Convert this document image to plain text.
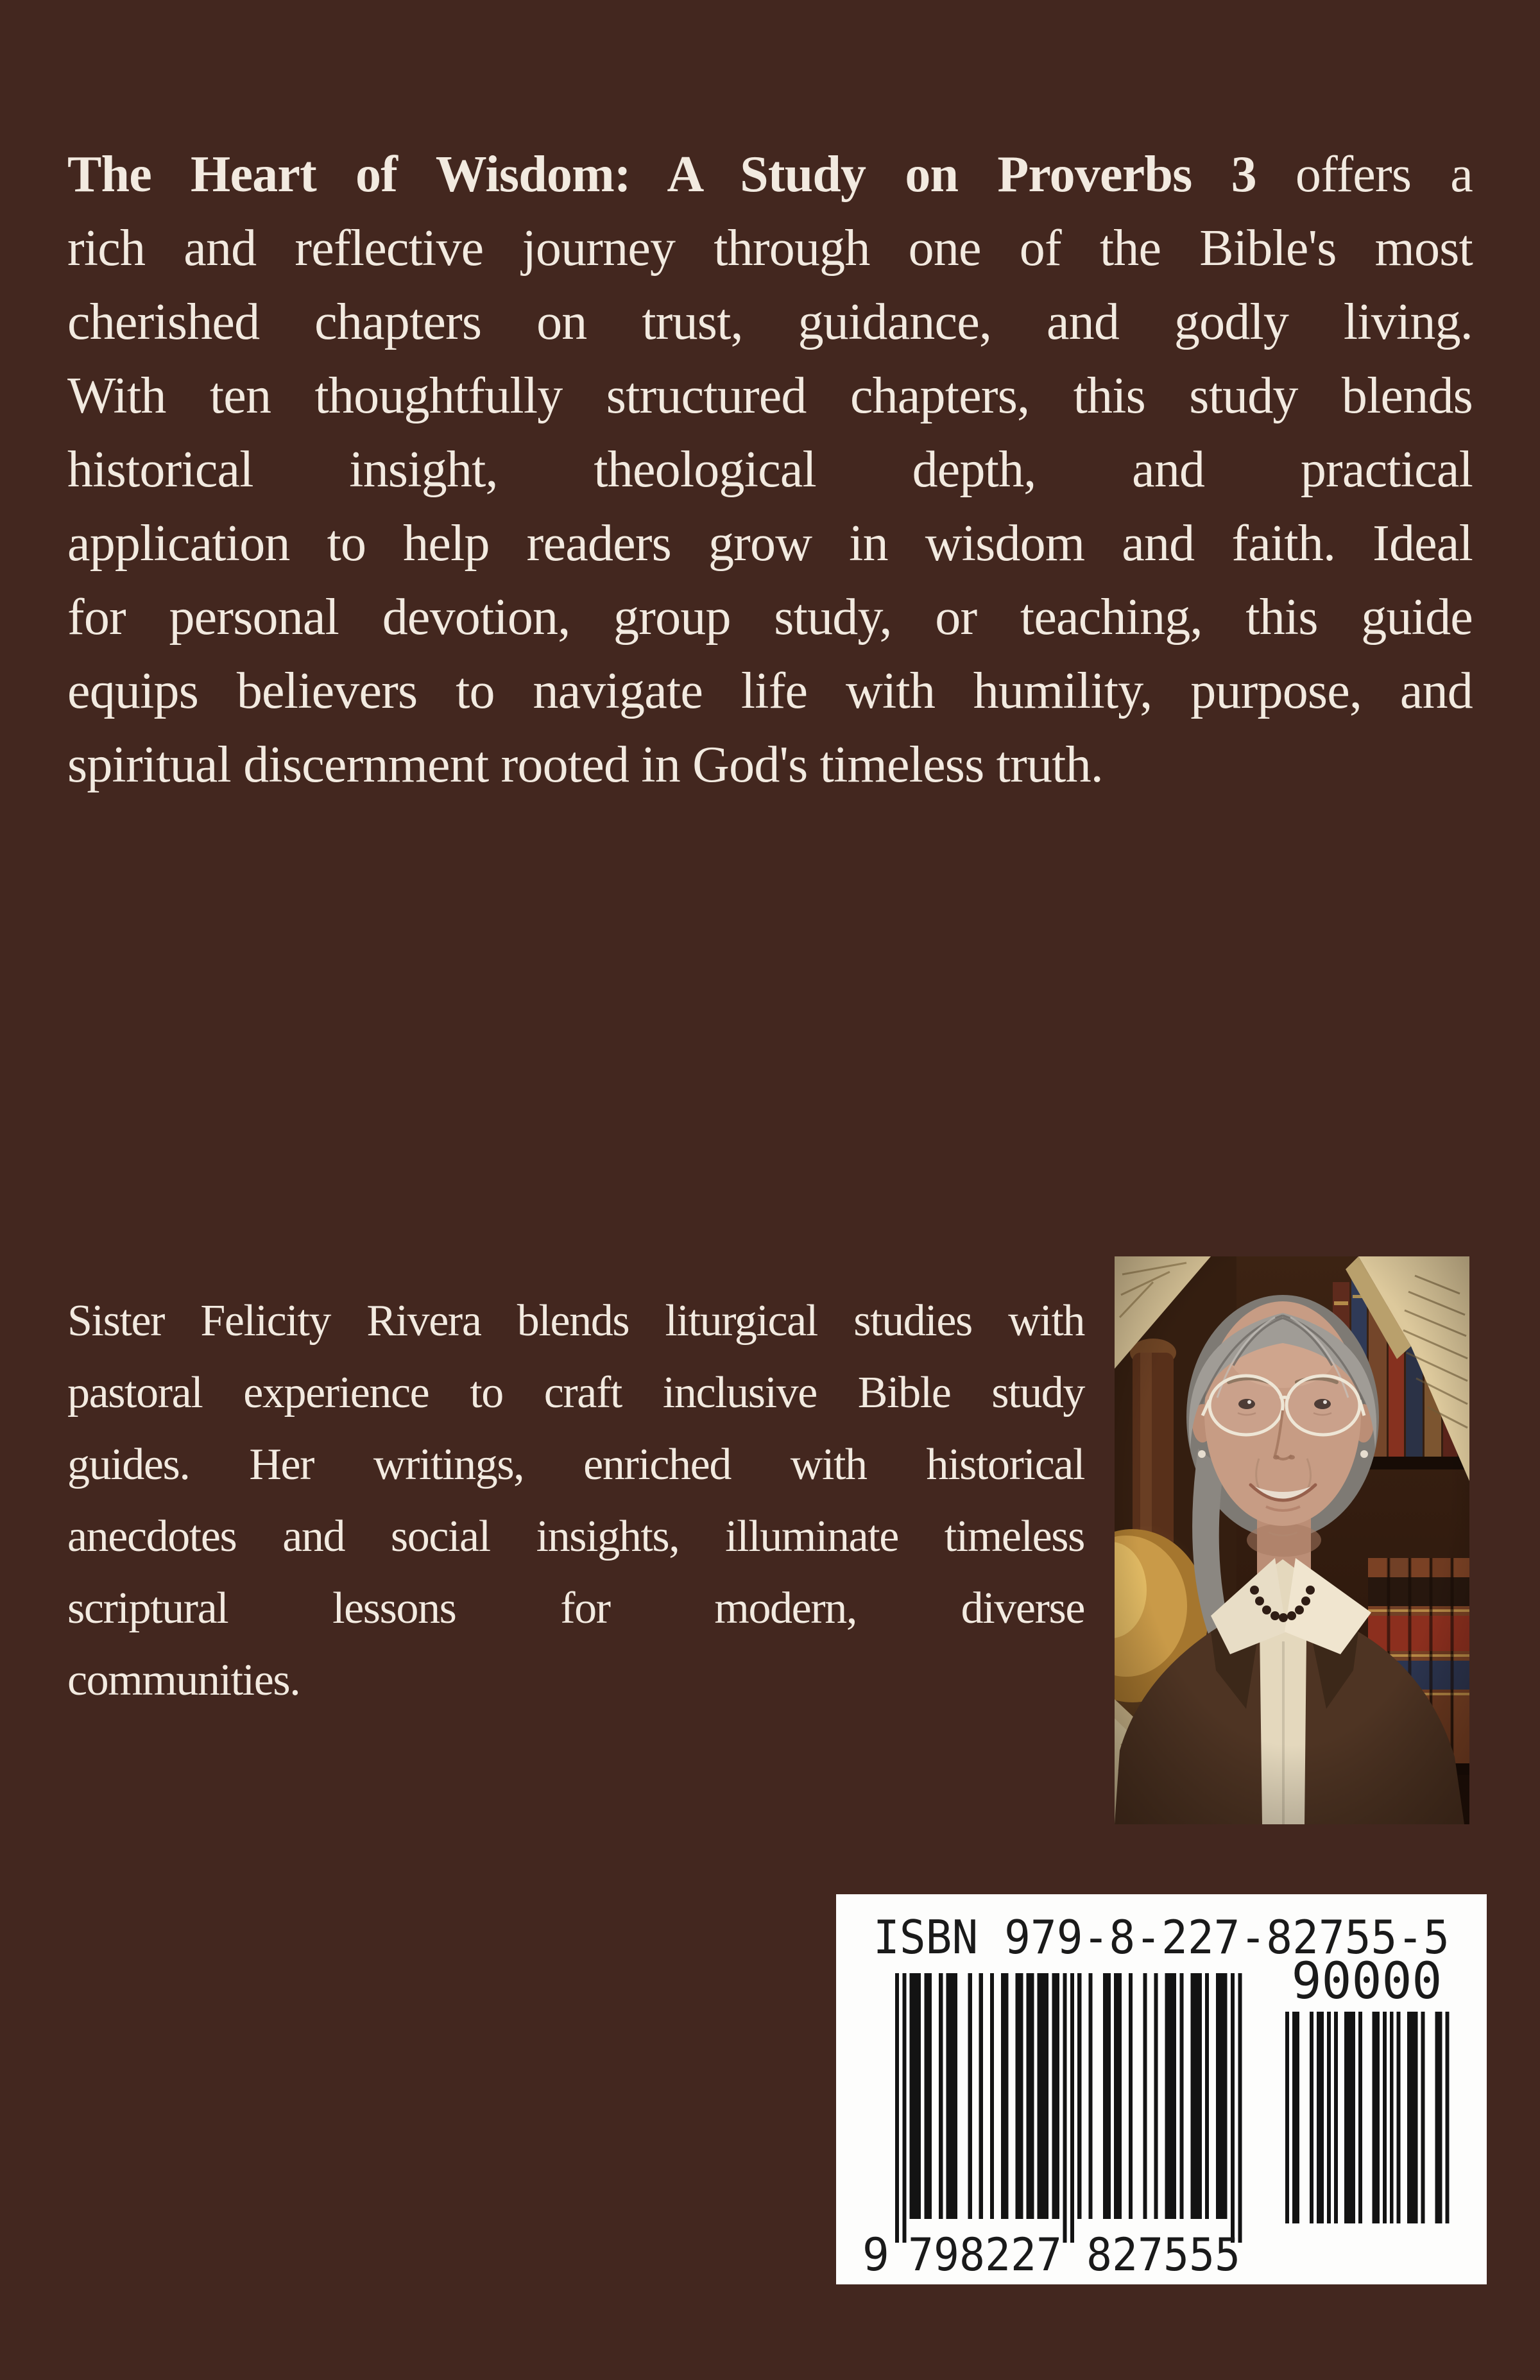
The Heart of Wisdom: A Study on Proverbs 3 offers a
rich and reflective journey through one of the Bible's most
cherished chapters on trust, guidance, and godly living.
With ten thoughtfully structured chapters, this study blends
historical insight, theological depth, and practical
application to help readers grow in wisdom and faith. Ideal
for personal devotion, group study, or teaching, this guide
equips believers to navigate life with humility, purpose, and
spiritual discernment rooted in God's timeless truth.
Sister Felicity Rivera blends liturgical studies with
pastoral experience to craft inclusive Bible study
guides. Her writings, enriched with historical
anecdotes and social insights, illuminate timeless
scriptural lessons for modern, diverse
communities.
ISBN 979-8-227-82755-5
90000
9 798227 827555
